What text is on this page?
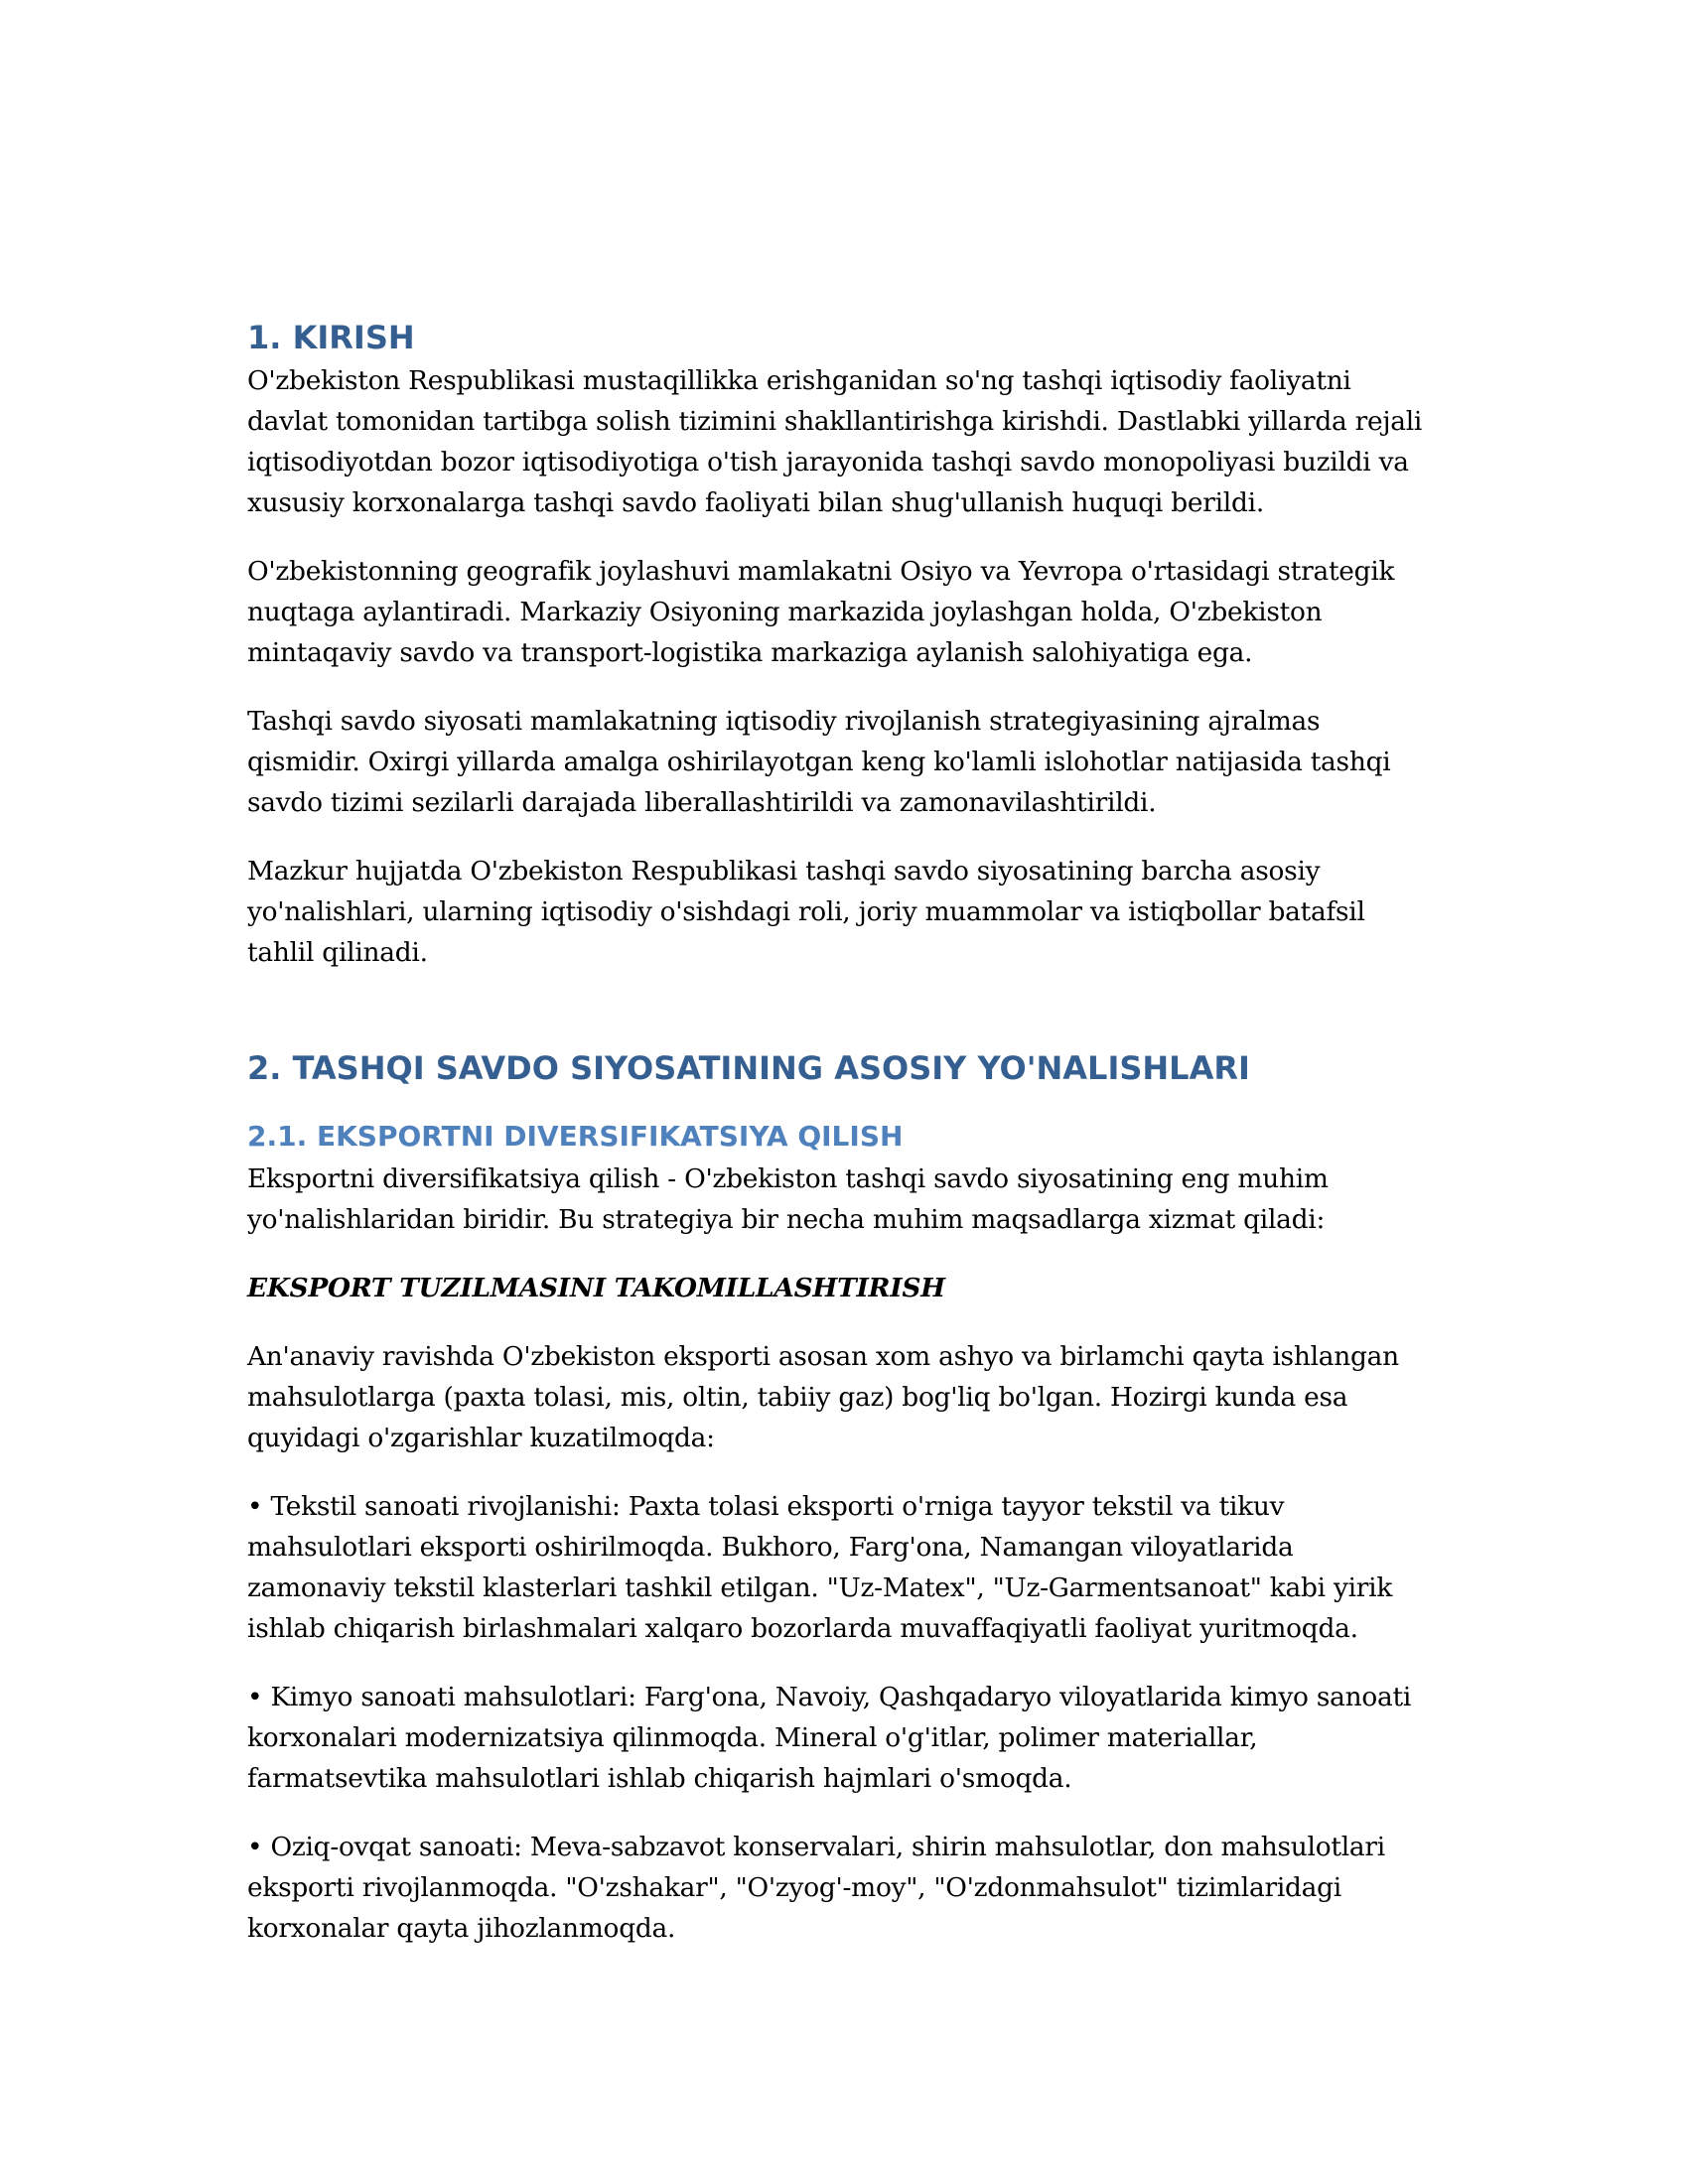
1. KIRISH

O'zbekiston Respublikasi mustaqillikka erishganidan so'ng tashqi iqtisodiy faoliyatni davlat tomonidan tartibga solish tizimini shakllantirishga kirishdi. Dastlabki yillarda rejali iqtisodiyotdan bozor iqtisodiyotiga o'tish jarayonida tashqi savdo monopoliyasi buzildi va xususiy korxonalarga tashqi savdo faoliyati bilan shug'ullanish huquqi berildi.

O'zbekistonning geografik joylashuvi mamlakatni Osiyo va Yevropa o'rtasidagi strategik nuqtaga aylantiradi. Markaziy Osiyoning markazida joylashgan holda, O'zbekiston mintaqaviy savdo va transport-logistika markaziga aylanish salohiyatiga ega.

Tashqi savdo siyosati mamlakatning iqtisodiy rivojlanish strategiyasining ajralmas qismidir. Oxirgi yillarda amalga oshirilayotgan keng ko'lamli islohotlar natijasida tashqi savdo tizimi sezilarli darajada liberallashtirildi va zamonavilashtirildi.

Mazkur hujjatda O'zbekiston Respublikasi tashqi savdo siyosatining barcha asosiy yo'nalishlari, ularning iqtisodiy o'sishdagi roli, joriy muammolar va istiqbollar batafsil tahlil qilinadi.

2. TASHQI SAVDO SIYOSATINING ASOSIY YO'NALISHLARI
2.1. EKSPORTNI DIVERSIFIKATSIYA QILISH

Eksportni diversifikatsiya qilish - O'zbekiston tashqi savdo siyosatining eng muhim yo'nalishlaridan biridir. Bu strategiya bir necha muhim maqsadlarga xizmat qiladi:

EKSPORT TUZILMASINI TAKOMILLASHTIRISH

An'anaviy ravishda O'zbekiston eksporti asosan xom ashyo va birlamchi qayta ishlangan mahsulotlarga (paxta tolasi, mis, oltin, tabiiy gaz) bog'liq bo'lgan. Hozirgi kunda esa quyidagi o'zgarishlar kuzatilmoqda:

• Tekstil sanoati rivojlanishi: Paxta tolasi eksporti o'rniga tayyor tekstil va tikuv mahsulotlari eksporti oshirilmoqda. Bukhoro, Farg'ona, Namangan viloyatlarida zamonaviy tekstil klasterlari tashkil etilgan. "Uz-Matex", "Uz-Garmentsanoat" kabi yirik ishlab chiqarish birlashmalari xalqaro bozorlarda muvaffaqiyatli faoliyat yuritmoqda.

• Kimyo sanoati mahsulotlari: Farg'ona, Navoiy, Qashqadaryo viloyatlarida kimyo sanoati korxonalari modernizatsiya qilinmoqda. Mineral o'g'itlar, polimer materiallar, farmatsevtika mahsulotlari ishlab chiqarish hajmlari o'smoqda.

• Oziq-ovqat sanoati: Meva-sabzavot konservalari, shirin mahsulotlar, don mahsulotlari eksporti rivojlanmoqda. "O'zshakar", "O'zyog'-moy", "O'zdonmahsulot" tizimlaridagi korxonalar qayta jihozlanmoqda.
